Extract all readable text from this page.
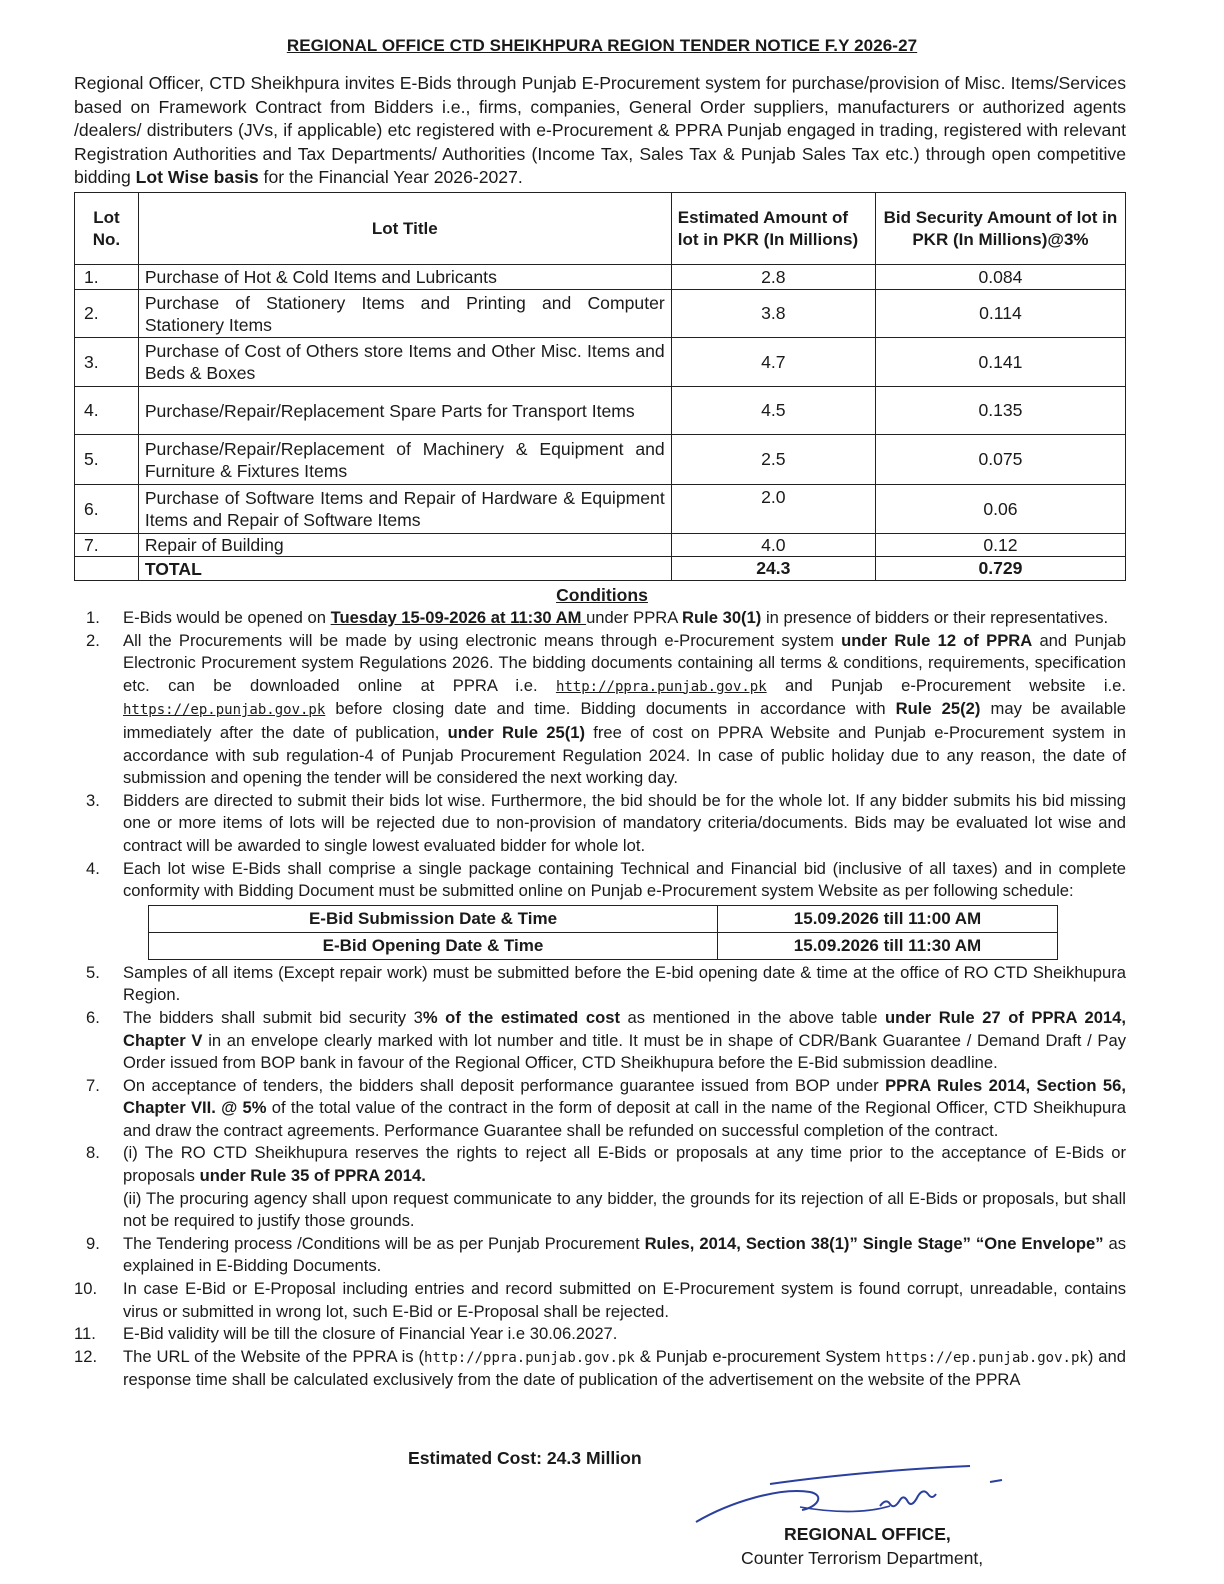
REGIONAL OFFICE CTD SHEIKHPURA REGION TENDER NOTICE F.Y 2026-27
Regional Officer, CTD Sheikhpura invites E-Bids through Punjab E-Procurement system for purchase/provision of Misc. Items/Services based on Framework Contract from Bidders i.e., firms, companies, General Order suppliers, manufacturers or authorized agents /dealers/ distributers (JVs, if applicable) etc registered with e-Procurement & PPRA Punjab engaged in trading, registered with relevant Registration Authorities and Tax Departments/ Authorities (Income Tax, Sales Tax & Punjab Sales Tax etc.) through open competitive bidding Lot Wise basis for the Financial Year 2026-2027.
Lot No.	Lot Title	Estimated Amount of lot in PKR (In Millions)	Bid Security Amount of lot in PKR (In Millions)@3%
1.	Purchase of Hot & Cold Items and Lubricants	2.8	0.084
2.	Purchase of Stationery Items and Printing and Computer Stationery Items	3.8	0.114
3.	Purchase of Cost of Others store Items and Other Misc. Items and Beds & Boxes	4.7	0.141
4.	Purchase/Repair/Replacement Spare Parts for Transport Items	4.5	0.135
5.	Purchase/Repair/Replacement of Machinery & Equipment and Furniture & Fixtures Items	2.5	0.075
6.	Purchase of Software Items and Repair of Hardware & Equipment Items and Repair of Software Items	2.0	0.06
7.	Repair of Building	4.0	0.12
	TOTAL	24.3	0.729
Conditions
1.	E-Bids would be opened on Tuesday 15-09-2026 at 11:30 AM under PPRA Rule 30(1) in presence of bidders or their representatives.
2.	All the Procurements will be made by using electronic means through e-Procurement system under Rule 12 of PPRA and Punjab Electronic Procurement system Regulations 2026. The bidding documents containing all terms & conditions, requirements, specification etc. can be downloaded online at PPRA i.e. http://ppra.punjab.gov.pk and Punjab e-Procurement website i.e. https://ep.punjab.gov.pk before closing date and time. Bidding documents in accordance with Rule 25(2) may be available immediately after the date of publication, under Rule 25(1) free of cost on PPRA Website and Punjab e-Procurement system in accordance with sub regulation-4 of Punjab Procurement Regulation 2024. In case of public holiday due to any reason, the date of submission and opening the tender will be considered the next working day.
3.	Bidders are directed to submit their bids lot wise. Furthermore, the bid should be for the whole lot. If any bidder submits his bid missing one or more items of lots will be rejected due to non-provision of mandatory criteria/documents. Bids may be evaluated lot wise and contract will be awarded to single lowest evaluated bidder for whole lot.
4.	Each lot wise E-Bids shall comprise a single package containing Technical and Financial bid (inclusive of all taxes) and in complete conformity with Bidding Document must be submitted online on Punjab e-Procurement system Website as per following schedule:
E-Bid Submission Date & Time	15.09.2026 till 11:00 AM
E-Bid Opening Date & Time	15.09.2026 till 11:30 AM
5.	Samples of all items (Except repair work) must be submitted before the E-bid opening date & time at the office of RO CTD Sheikhupura Region.
6.	The bidders shall submit bid security 3% of the estimated cost as mentioned in the above table under Rule 27 of PPRA 2014, Chapter V in an envelope clearly marked with lot number and title. It must be in shape of CDR/Bank Guarantee / Demand Draft / Pay Order issued from BOP bank in favour of the Regional Officer, CTD Sheikhupura before the E-Bid submission deadline.
7.	On acceptance of tenders, the bidders shall deposit performance guarantee issued from BOP under PPRA Rules 2014, Section 56, Chapter VII. @ 5% of the total value of the contract in the form of deposit at call in the name of the Regional Officer, CTD Sheikhupura and draw the contract agreements. Performance Guarantee shall be refunded on successful completion of the contract.
8.	(i) The RO CTD Sheikhupura reserves the rights to reject all E-Bids or proposals at any time prior to the acceptance of E-Bids or proposals under Rule 35 of PPRA 2014.
(ii) The procuring agency shall upon request communicate to any bidder, the grounds for its rejection of all E-Bids or proposals, but shall not be required to justify those grounds.
9.	The Tendering process /Conditions will be as per Punjab Procurement Rules, 2014, Section 38(1)” Single Stage” “One Envelope” as explained in E-Bidding Documents.
10.	In case E-Bid or E-Proposal including entries and record submitted on E-Procurement system is found corrupt, unreadable, contains virus or submitted in wrong lot, such E-Bid or E-Proposal shall be rejected.
11.	E-Bid validity will be till the closure of Financial Year i.e 30.06.2027.
12.	The URL of the Website of the PPRA is (http://ppra.punjab.gov.pk & Punjab e-procurement System https://ep.punjab.gov.pk) and response time shall be calculated exclusively from the date of publication of the advertisement on the website of the PPRA
Estimated Cost: 24.3 Million
REGIONAL OFFICE,
Counter Terrorism Department,
